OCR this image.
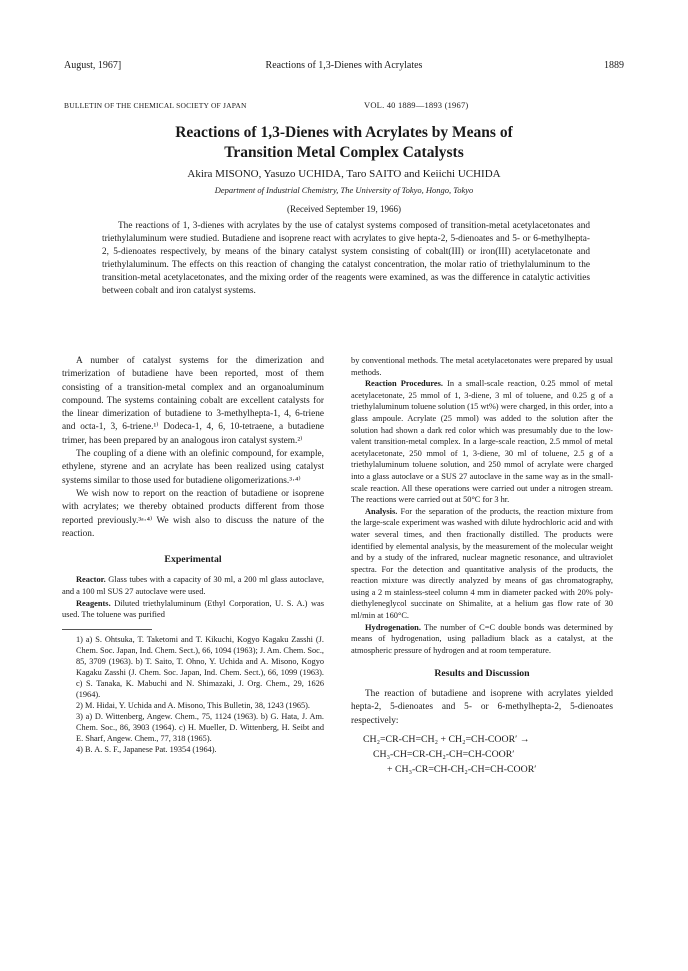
August, 1967]	Reactions of 1,3-Dienes with Acrylates	1889
BULLETIN OF THE CHEMICAL SOCIETY OF JAPAN	VOL. 40 1889—1893 (1967)
Reactions of 1,3-Dienes with Acrylates by Means of
Transition Metal Complex Catalysts
Akira MISONO, Yasuzo UCHIDA, Taro SAITO and Keiichi UCHIDA
Department of Industrial Chemistry, The University of Tokyo, Hongo, Tokyo
(Received September 19, 1966)

The reactions of 1, 3-dienes with acrylates by the use of catalyst systems composed of transition-metal acetylacetonates and triethylaluminum were studied. Butadiene and isoprene react with acrylates to give hepta-2, 5-dienoates and 5- or 6-methylhepta-2, 5-dienoates respectively, by means of the binary catalyst system consisting of cobalt(III) or iron(III) acetylacetonate and triethylaluminum. The effects on this reaction of changing the catalyst concentration, the molar ratio of triethylaluminum to the transition-metal acetylacetonates, and the mixing order of the reagents were examined, as was the difference in catalytic activities between cobalt and iron catalyst systems.

A number of catalyst systems for the dimerization and trimerization of butadiene have been reported, most of them consisting of a transition-metal complex and an organoaluminum compound. The systems containing cobalt are excellent catalysts for the linear dimerization of butadiene to 3-methylhepta-1, 4, 6-triene and octa-1, 3, 6-triene.¹⁾ Dodeca-1, 4, 6, 10-tetraene, a butadiene trimer, has been prepared by an analogous iron catalyst system.²⁾

The coupling of a diene with an olefinic compound, for example, ethylene, styrene and an acrylate has been realized using catalyst systems similar to those used for butadiene oligomerizations.³·⁴⁾

We wish now to report on the reaction of butadiene or isoprene with acrylates; we thereby obtained products different from those reported previously.³ᵃ·⁴⁾ We wish also to discuss the nature of the reaction.

Experimental

Reactor. Glass tubes with a capacity of 30 ml, a 200 ml glass autoclave, and a 100 ml SUS 27 autoclave were used.

Reagents. Diluted triethylaluminum (Ethyl Corporation, U. S. A.) was used. The toluene was purified

1) a) S. Ohtsuka, T. Taketomi and T. Kikuchi, Kogyo Kagaku Zasshi (J. Chem. Soc. Japan, Ind. Chem. Sect.), 66, 1094 (1963); J. Am. Chem. Soc., 85, 3709 (1963). b) T. Saito, T. Ohno, Y. Uchida and A. Misono, Kogyo Kagaku Zasshi (J. Chem. Soc. Japan, Ind. Chem. Sect.), 66, 1099 (1963). c) S. Tanaka, K. Mabuchi and N. Shimazaki, J. Org. Chem., 29, 1626 (1964).
2) M. Hidai, Y. Uchida and A. Misono, This Bulletin, 38, 1243 (1965).
3) a) D. Wittenberg, Angew. Chem., 75, 1124 (1963). b) G. Hata, J. Am. Chem. Soc., 86, 3903 (1964). c) H. Mueller, D. Wittenberg, H. Seibt and E. Sharf, Angew. Chem., 77, 318 (1965).
4) B. A. S. F., Japanese Pat. 19354 (1964).

by conventional methods. The metal acetylacetonates were prepared by usual methods.

Reaction Procedures. In a small-scale reaction, 0.25 mmol of metal acetylacetonate, 25 mmol of 1, 3-diene, 3 ml of toluene, and 0.25 g of a triethylaluminum toluene solution (15 wt%) were charged, in this order, into a glass ampoule. Acrylate (25 mmol) was added to the solution after the solution had shown a dark red color which was presumably due to the low-valent transition-metal complex. In a large-scale reaction, 2.5 mmol of metal acetylacetonate, 250 mmol of 1, 3-diene, 30 ml of toluene, 2.5 g of a triethylaluminum toluene solution, and 250 mmol of acrylate were charged into a glass autoclave or a SUS 27 autoclave in the same way as in the small-scale reaction. All these operations were carried out under a nitrogen stream. The reactions were carried out at 50°C for 3 hr.

Analysis. For the separation of the products, the reaction mixture from the large-scale experiment was washed with dilute hydrochloric acid and with water several times, and then fractionally distilled. The products were identified by elemental analysis, by the measurement of the molecular weight and by a study of the infrared, nuclear magnetic resonance, and ultraviolet spectra. For the detection and quantitative analysis of the products, the reaction mixture was directly analyzed by means of gas chromatography, using a 2 m stainless-steel column 4 mm in diameter packed with 20% poly-diethyleneglycol succinate on Shimalite, at a helium gas flow rate of 30 ml/min at 160°C.

Hydrogenation. The number of C=C double bonds was determined by means of hydrogenation, using palladium black as a catalyst, at the atmospheric pressure of hydrogen and at room temperature.

Results and Discussion

The reaction of butadiene and isoprene with acrylates yielded hepta-2, 5-dienoates and 5- or 6-methylhepta-2, 5-dienoates respectively:

CH₂=CR-CH=CH₂ + CH₂=CH-COOR′ →
CH₃-CH=CR-CH₂-CH=CH-COOR′
+ CH₃-CR=CH-CH₂-CH=CH-COOR′
